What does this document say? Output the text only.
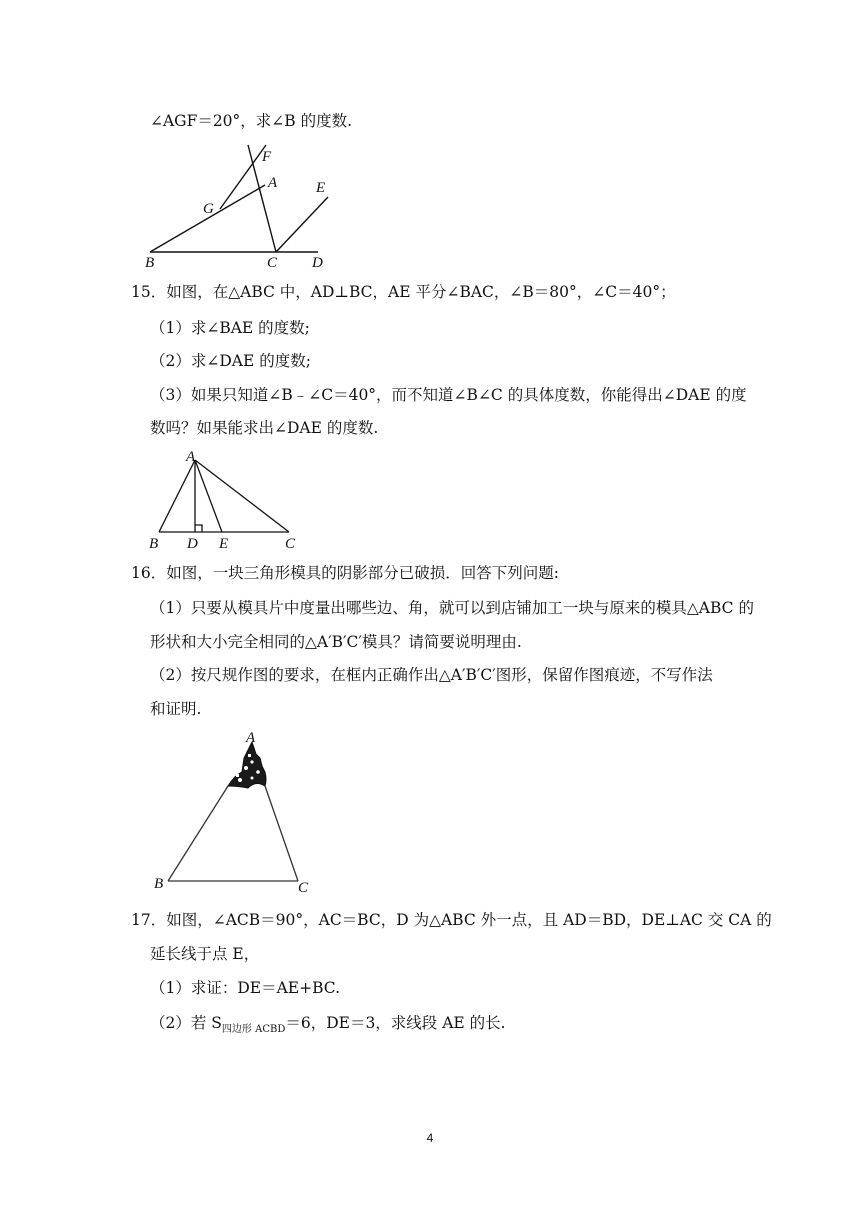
∠AGF＝20°，求∠B 的度数.
F
A	E
G
B	C D
15．如图，在△ABC 中，AD⊥BC，AE 平分∠BAC，∠B＝80°，∠C＝40°；
（1）求∠BAE 的度数;
（2）求∠DAE 的度数;
（3）如果只知道∠B﹣∠C＝40°，而不知道∠B∠C 的具体度数，你能得出∠DAE 的度
数吗？如果能求出∠DAE 的度数.
A
B D E	C
16．如图，一块三角形模具的阴影部分已破损．回答下列问题:
（1）只要从模具片中度量出哪些边、角，就可以到店铺加工一块与原来的模具△ABC 的
形状和大小完全相同的△A′B′C′模具？请简要说明理由.
（2）按尺规作图的要求，在框内正确作出△A′B′C′图形，保留作图痕迹，不写作法
和证明.
A
B	C
17．如图，∠ACB＝90°，AC＝BC，D 为△ABC 外一点，且 AD＝BD，DE⊥AC 交 CA 的
延长线于点 E，
（1）求证：DE＝AE+BC.
（2）若 $S_{四边形 ACBD}=6$，DE＝3，求线段 AE 的长.
4
